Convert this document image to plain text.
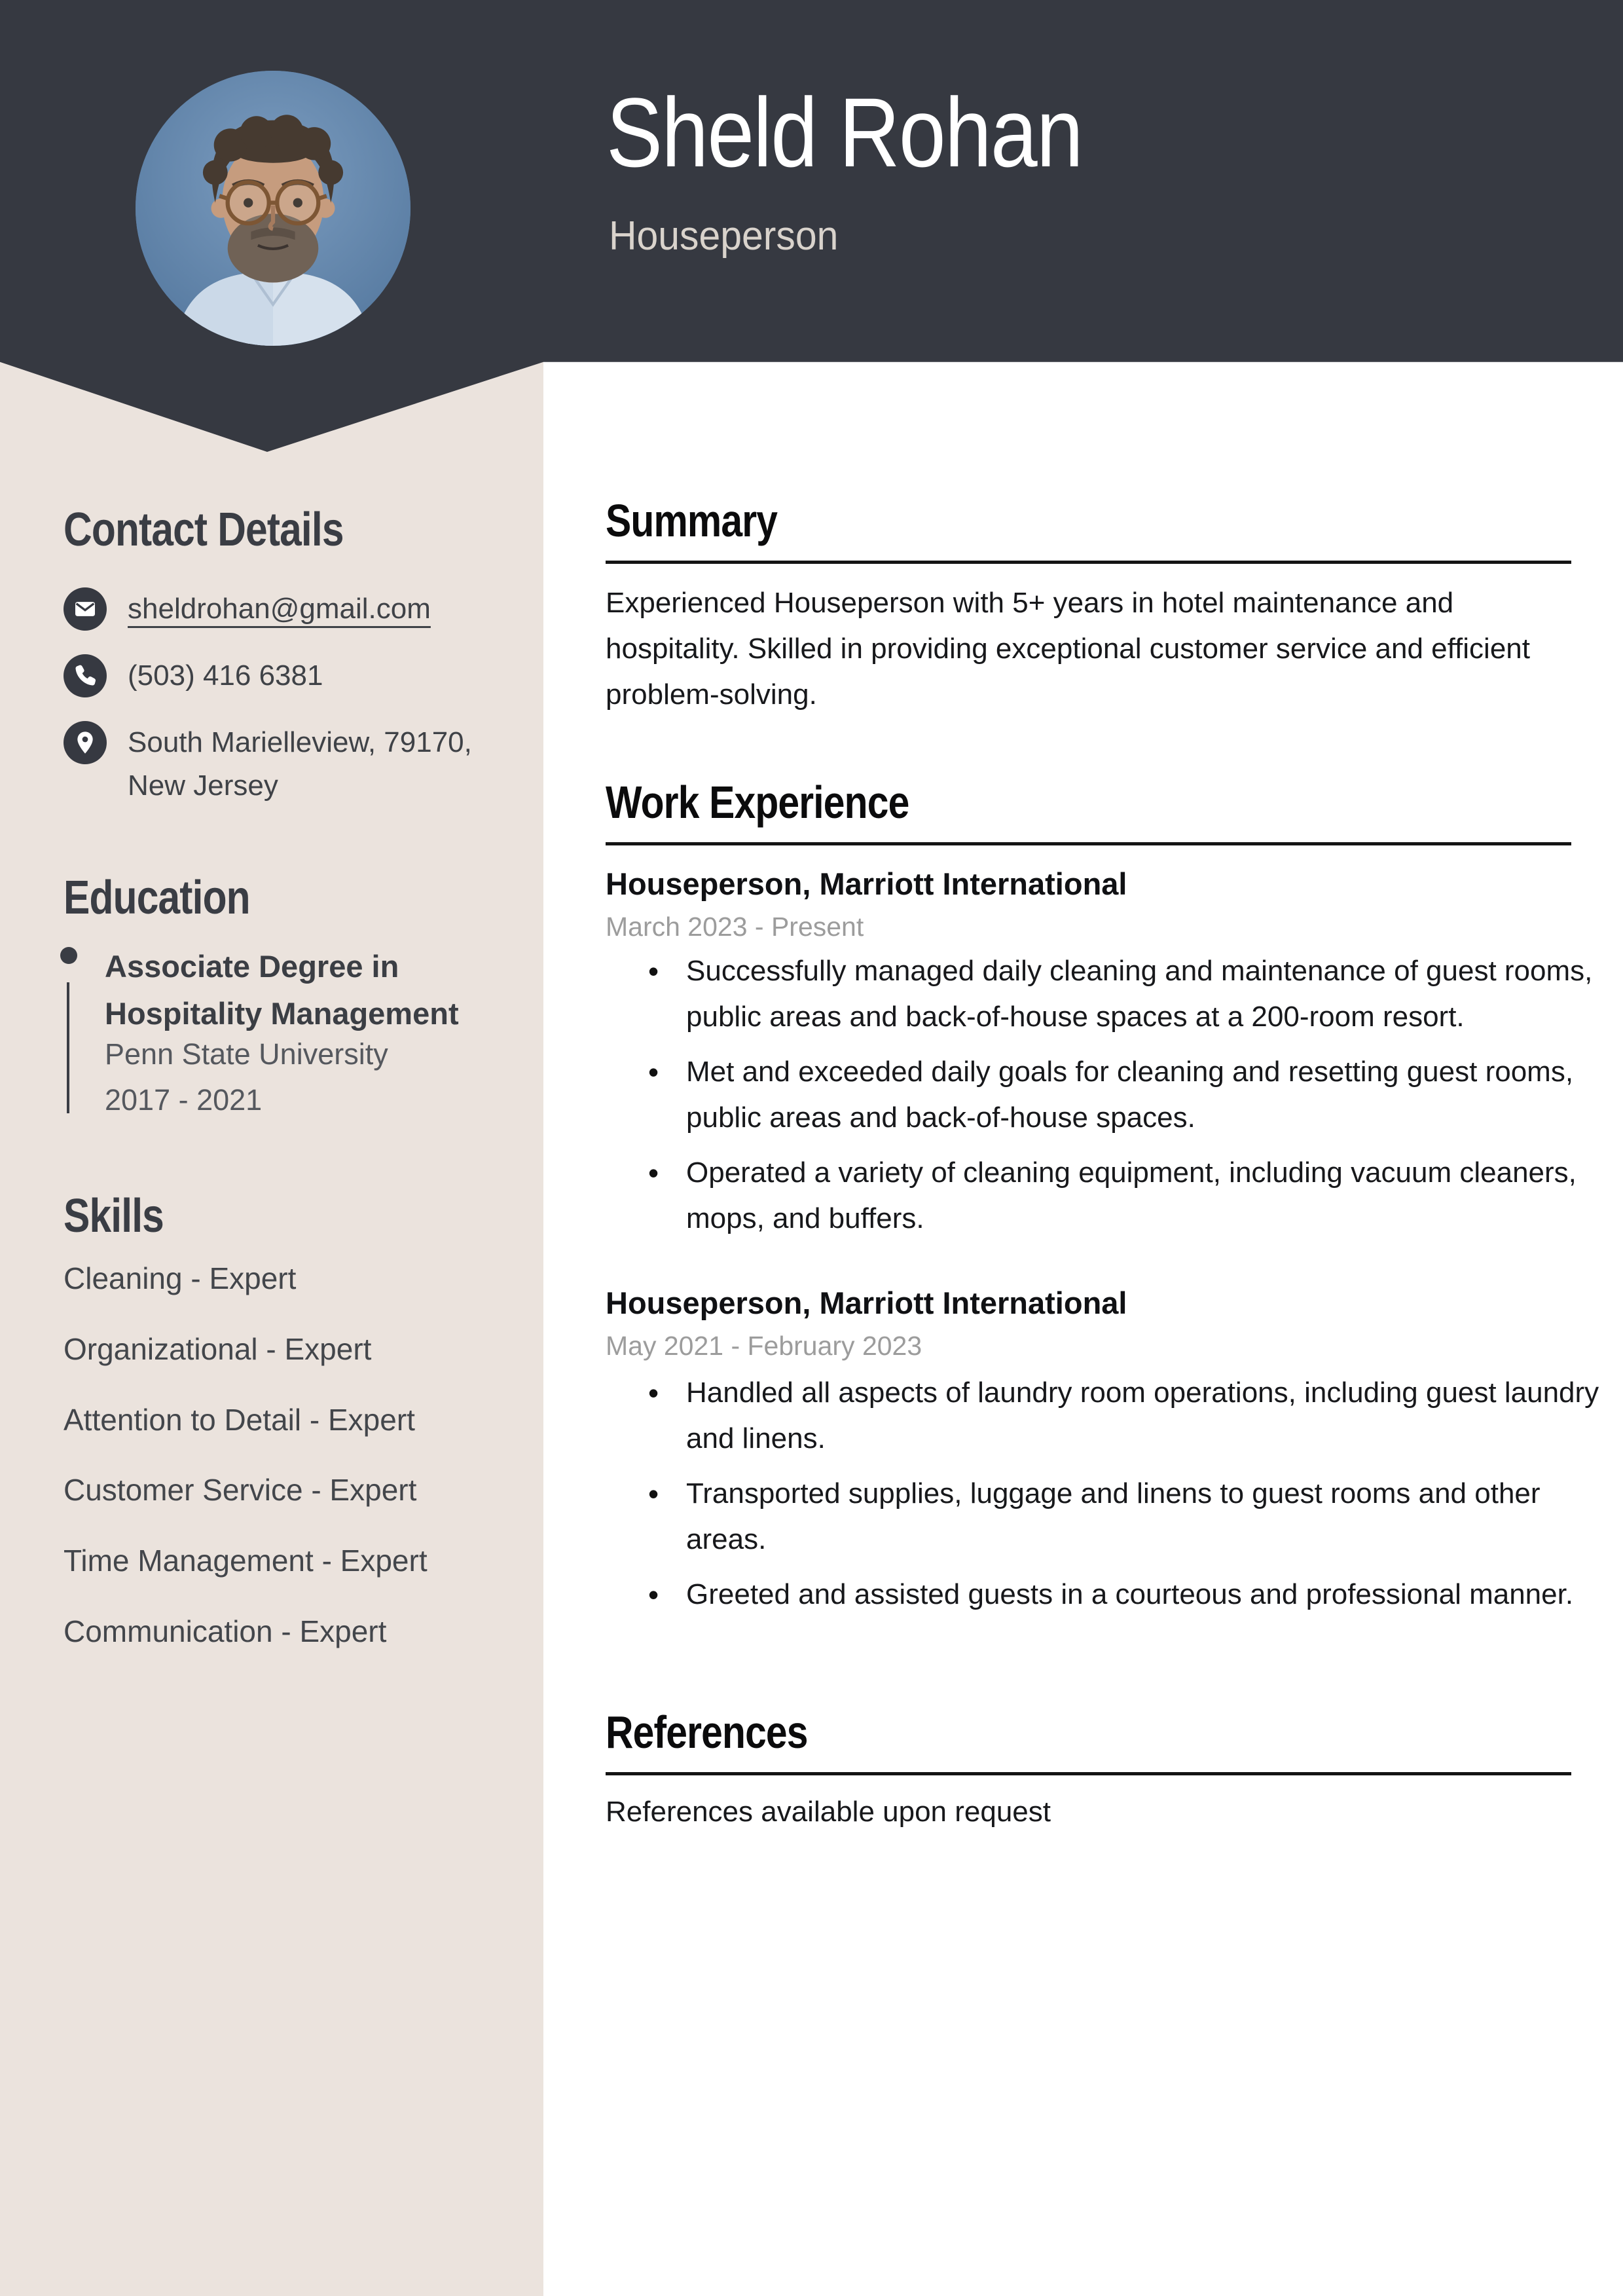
Sheld Rohan
Houseperson
Contact Details
sheldrohan@gmail.com
(503) 416 6381
South Marielleview, 79170,
New Jersey
Education
Associate Degree in
Hospitality Management
Penn State University
2017 - 2021
Skills
Cleaning - Expert
Organizational - Expert
Attention to Detail - Expert
Customer Service - Expert
Time Management - Expert
Communication - Expert
Summary
Experienced Houseperson with 5+ years in hotel maintenance and hospitality. Skilled in providing exceptional customer service and efficient problem-solving.
Work Experience
Houseperson, Marriott International
March 2023 - Present
• Successfully managed daily cleaning and maintenance of guest rooms, public areas and back-of-house spaces at a 200-room resort.
• Met and exceeded daily goals for cleaning and resetting guest rooms, public areas and back-of-house spaces.
• Operated a variety of cleaning equipment, including vacuum cleaners, mops, and buffers.
Houseperson, Marriott International
May 2021 - February 2023
• Handled all aspects of laundry room operations, including guest laundry and linens.
• Transported supplies, luggage and linens to guest rooms and other areas.
• Greeted and assisted guests in a courteous and professional manner.
References
References available upon request
